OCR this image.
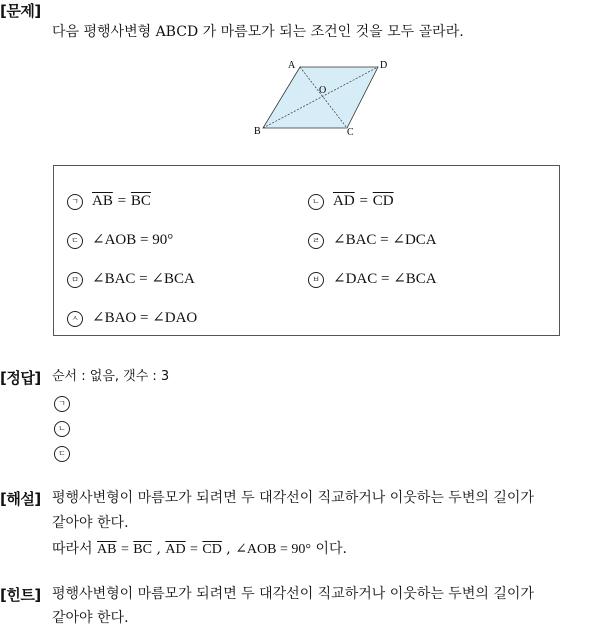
[문제]
다음 평행사변형 ABCD 가 마름모가 되는 조건인 것을 모두 골라라.
A	D
B	C
O
ㄱ $\overline{AB} = \overline{BC}$	ㄴ $\overline{AD} = \overline{CD}$
ㄷ ∠AOB = 90°	ㄹ ∠BAC = ∠DCA
ㅁ ∠BAC = ∠BCA	ㅂ ∠DAC = ∠BCA
ㅅ ∠BAO = ∠DAO
[정답] 순서 : 없음, 갯수 : 3
ㄱ
ㄴ
ㄷ
[해설] 평행사변형이 마름모가 되려면 두 대각선이 직교하거나 이웃하는 두변의 길이가
같아야 한다.
따라서 $\overline{AB} = \overline{BC}$ , $\overline{AD} = \overline{CD}$ , ∠AOB = 90° 이다.
[힌트] 평행사변형이 마름모가 되려면 두 대각선이 직교하거나 이웃하는 두변의 길이가
같아야 한다.
